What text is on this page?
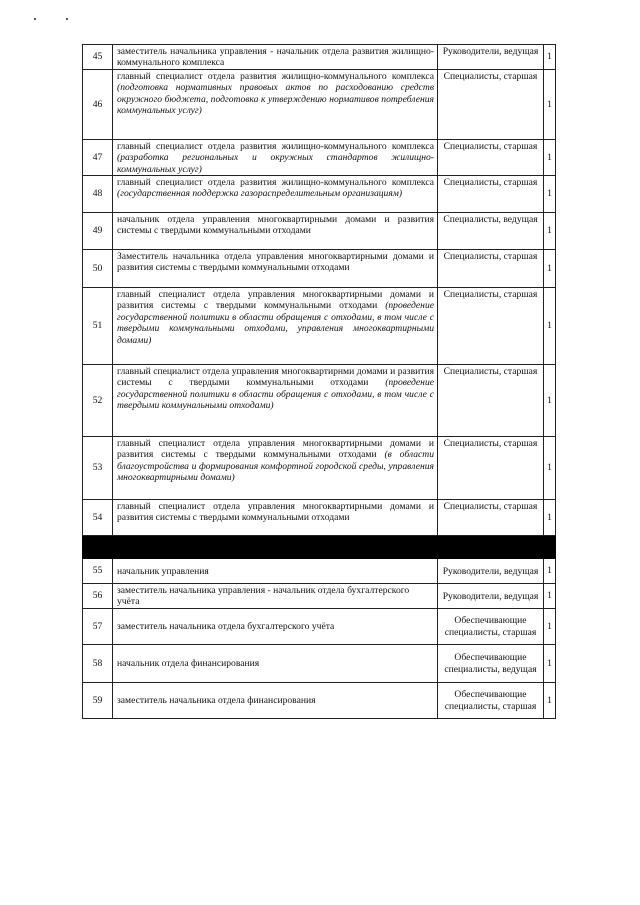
45	заместитель начальника управления - начальник отдела развития жилищно-коммунального комплекса	Руководители, ведущая	1
46	главный специалист отдела развития жилищно-коммунального комплекса (подготовка нормативных правовых актов по расходованию средств окружного бюджета, подготовка к утверждению нормативов потребления коммунальных услуг)	Специалисты, старшая	1
47	главный специалист отдела развития жилищно-коммунального комплекса (разработка региональных и окружных стандартов жилищно-коммунальных услуг)	Специалисты, старшая	1
48	главный специалист отдела развития жилищно-коммунального комплекса (государственная поддержка газораспределительным организациям)	Специалисты, старшая	1
49	начальник отдела управления многоквартирными домами и развития системы с твердыми коммунальными отходами	Специалисты, ведущая	1
50	Заместитель начальника отдела управления многоквартирными домами и развития системы с твердыми коммунальными отходами	Специалисты, старшая	1
51	главный специалист отдела управления многоквартирными домами и развития системы с твердыми коммунальными отходами (проведение государственной политики в области обращения с отходами, в том числе с твердыми коммунальными отходами, управления многоквартирными домами)	Специалисты, старшая	1
52	главный специалист отдела управления многоквартирнми домами и развития системы с твердыми коммунальными отходами (проведение государственной политики в области обращения с отходами, в том числе с твердыми коммунальными отходами)	Специалисты, старшая	1
53	главный специалист отдела управления многоквартирными домами и развития системы с твердыми коммунальными отходами (в области благоустройства и формирования комфортной городской среды, управления многоквартирными домами)	Специалисты, старшая	1
54	главный специалист отдела управления многоквартирными домами и развития системы с твердыми коммунальными отходами	Специалисты, старшая	1

55	начальник управления	Руководители, ведущая	1
56	заместитель начальника управления - начальник отдела бухгалтерского учёта	Руководители, ведущая	1
57	заместитель начальника отдела бухгалтерского учёта	Обеспечивающие специалисты, старшая	1
58	начальник отдела финансирования	Обеспечивающие специалисты, ведущая	1
59	заместитель начальника отдела финансирования	Обеспечивающие специалисты, старшая	1
